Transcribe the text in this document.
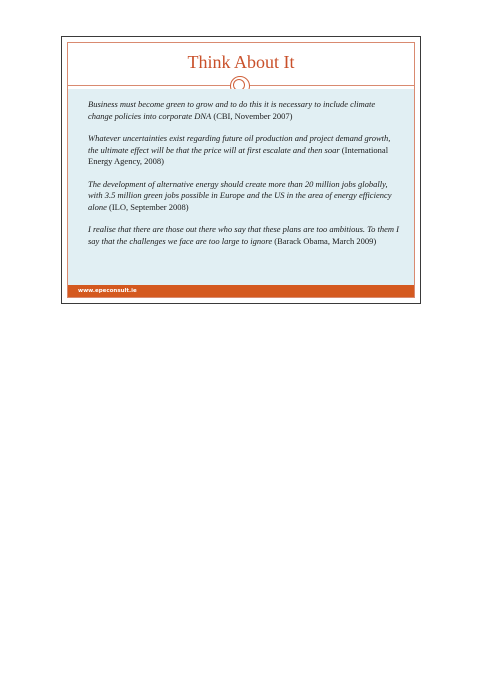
Think About It

Business must become green to grow and to do this it is necessary to include climate change policies into corporate DNA (CBI, November 2007)

Whatever uncertainties exist regarding future oil production and project demand growth, the ultimate effect will be that the price will at first escalate and then soar (International Energy Agency, 2008)

The development of alternative energy should create more than 20 million jobs globally, with 3.5 million green jobs possible in Europe and the US in the area of energy efficiency alone (ILO, September 2008)

I realise that there are those out there who say that these plans are too ambitious. To them I say that the challenges we face are too large to ignore (Barack Obama, March 2009)

www.epeconsult.ie
